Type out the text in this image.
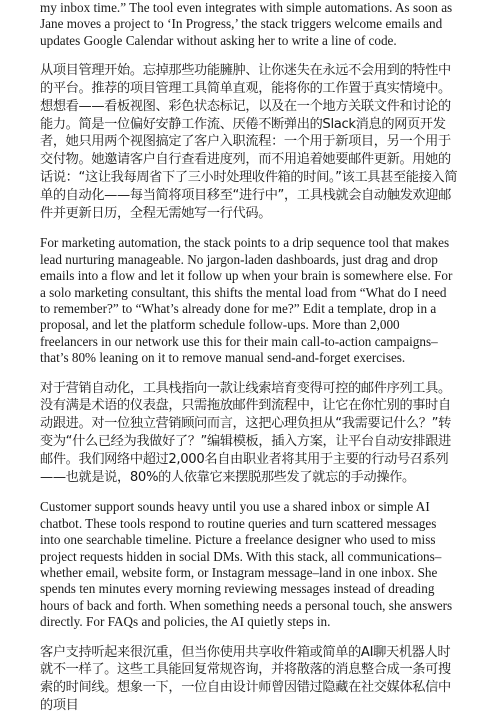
my inbox time.” The tool even integrates with simple automations. As soon as Jane moves a project to ‘In Progress,’ the stack triggers welcome emails and updates Google Calendar without asking her to write a line of code.

从项目管理开始。忘掉那些功能臃肿、让你迷失在永远不会用到的特性中的平台。推荐的项目管理工具简单直观，能将你的工作置于真实情境中。想想看——看板视图、彩色状态标记，以及在一个地方关联文件和讨论的能力。简是一位偏好安静工作流、厌倦不断弹出的Slack消息的网页开发者，她只用两个视图搞定了客户入职流程：一个用于新项目，另一个用于交付物。她邀请客户自行查看进度列，而不用追着她要邮件更新。用她的话说：“这让我每周省下了三小时处理收件箱的时间。”该工具甚至能接入简单的自动化——每当简将项目移至“进行中”，工具栈就会自动触发欢迎邮件并更新日历，全程无需她写一行代码。

For marketing automation, the stack points to a drip sequence tool that makes lead nurturing manageable. No jargon-laden dashboards, just drag and drop emails into a flow and let it follow up when your brain is somewhere else. For a solo marketing consultant, this shifts the mental load from “What do I need to remember?” to “What’s already done for me?” Edit a template, drop in a proposal, and let the platform schedule follow-ups. More than 2,000 freelancers in our network use this for their main call-to-action campaigns–that’s 80% leaning on it to remove manual send-and-forget exercises.

对于营销自动化，工具栈指向一款让线索培育变得可控的邮件序列工具。没有满是术语的仪表盘，只需拖放邮件到流程中，让它在你忙别的事时自动跟进。对一位独立营销顾问而言，这把心理负担从“我需要记什么？”转变为“什么已经为我做好了？”编辑模板，插入方案，让平台自动安排跟进邮件。我们网络中超过2,000名自由职业者将其用于主要的行动号召系列——也就是说，80%的人依靠它来摆脱那些发了就忘的手动操作。

Customer support sounds heavy until you use a shared inbox or simple AI chatbot. These tools respond to routine queries and turn scattered messages into one searchable timeline. Picture a freelance designer who used to miss project requests hidden in social DMs. With this stack, all communications–whether email, website form, or Instagram message–land in one inbox. She spends ten minutes every morning reviewing messages instead of dreading hours of back and forth. When something needs a personal touch, she answers directly. For FAQs and policies, the AI quietly steps in.

客户支持听起来很沉重，但当你使用共享收件箱或简单的AI聊天机器人时就不一样了。这些工具能回复常规咨询，并将散落的消息整合成一条可搜索的时间线。想象一下，一位自由设计师曾因错过隐藏在社交媒体私信中的项目
